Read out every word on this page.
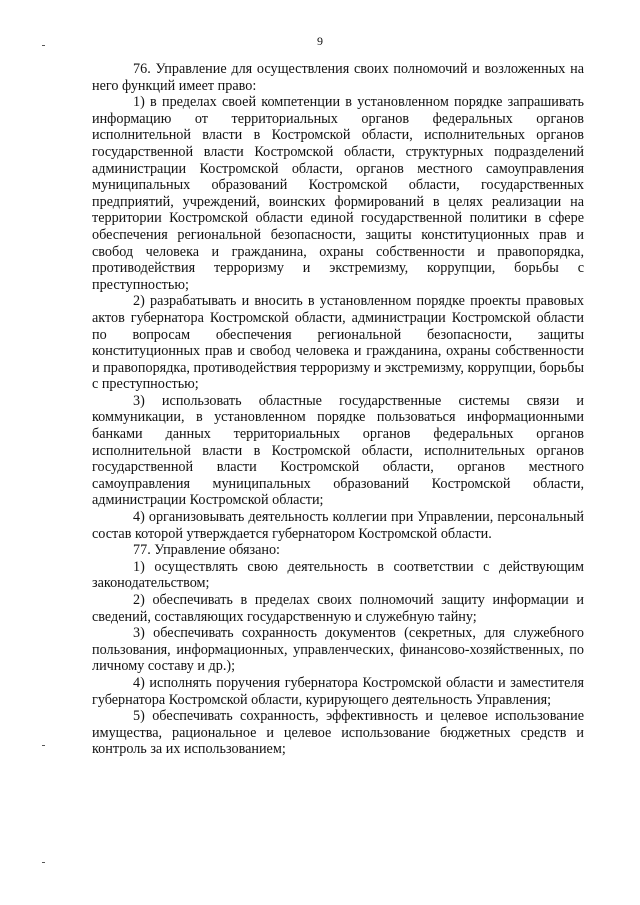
9

76. Управление для осуществления своих полномочий и возложенных на него функций имеет право:

1) в пределах своей компетенции в установленном порядке запрашивать информацию от территориальных органов федеральных органов исполнительной власти в Костромской области, исполнительных органов государственной власти Костромской области, структурных подразделений администрации Костромской области, органов местного самоуправления муниципальных образований Костромской области, государственных предприятий, учреждений, воинских формирований в целях реализации на территории Костромской области единой государственной политики в сфере обеспечения региональной безопасности, защиты конституционных прав и свобод человека и гражданина, охраны собственности и правопорядка, противодействия терроризму и экстремизму, коррупции, борьбы с преступностью;

2) разрабатывать и вносить в установленном порядке проекты правовых актов губернатора Костромской области, администрации Костромской области по вопросам обеспечения региональной безопасности, защиты конституционных прав и свобод человека и гражданина, охраны собственности и правопорядка, противодействия терроризму и экстремизму, коррупции, борьбы с преступностью;

3) использовать областные государственные системы связи и коммуникации, в установленном порядке пользоваться информационными банками данных территориальных органов федеральных органов исполнительной власти в Костромской области, исполнительных органов государственной власти Костромской области, органов местного самоуправления муниципальных образований Костромской области, администрации Костромской области;

4) организовывать деятельность коллегии при Управлении, персональный состав которой утверждается губернатором Костромской области.

77. Управление обязано:

1) осуществлять свою деятельность в соответствии с действующим законодательством;

2) обеспечивать в пределах своих полномочий защиту информации и сведений, составляющих государственную и служебную тайну;

3) обеспечивать сохранность документов (секретных, для служебного пользования, информационных, управленческих, финансово-хозяйственных, по личному составу и др.);

4) исполнять поручения губернатора Костромской области и заместителя губернатора Костромской области, курирующего деятельность Управления;

5) обеспечивать сохранность, эффективность и целевое использование имущества, рациональное и целевое использование бюджетных средств и контроль за их использованием;
